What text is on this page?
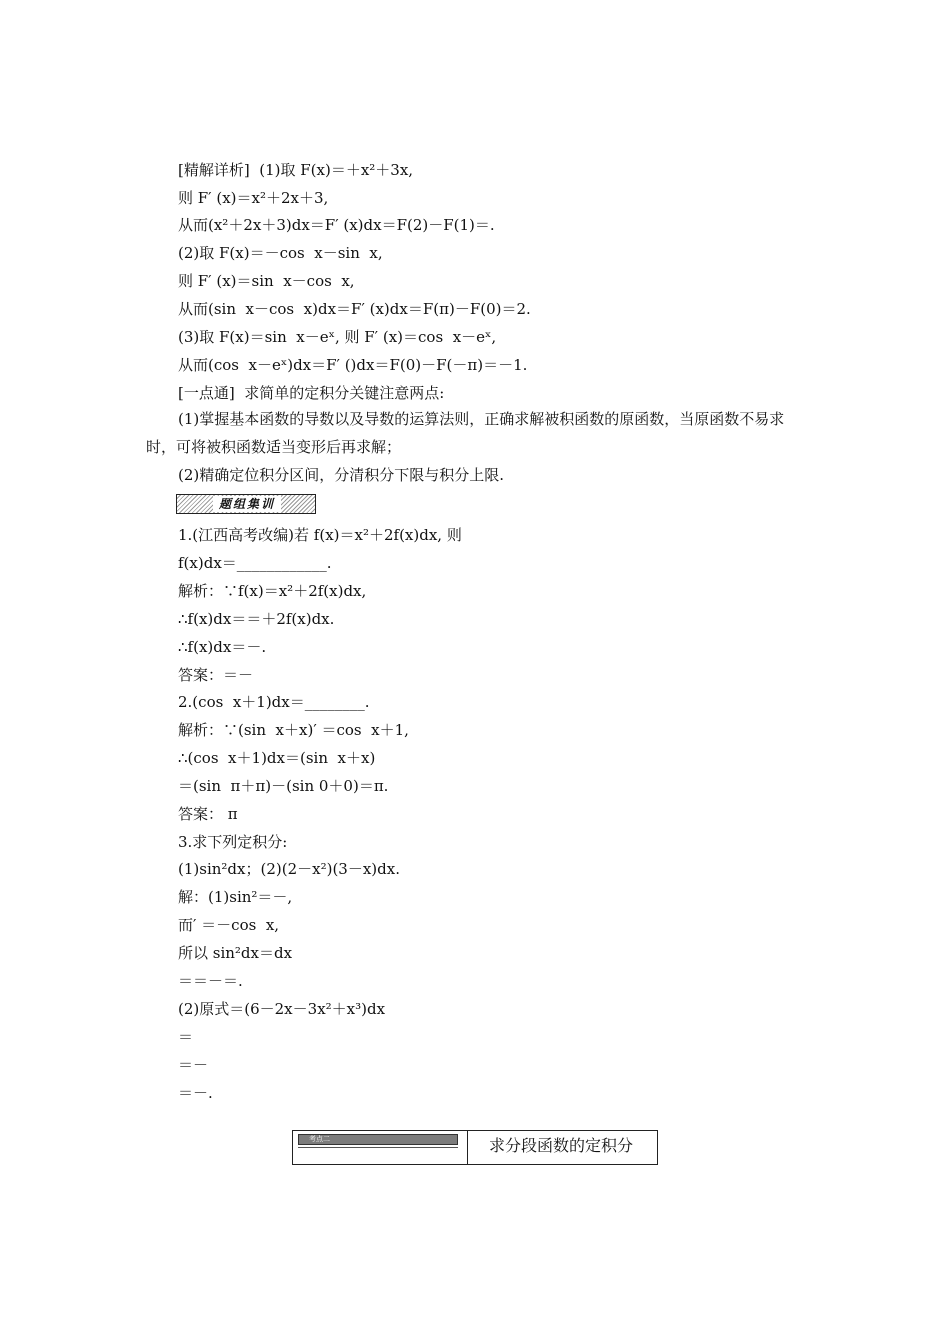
[精解详析]  (1)取 F(x)＝＋x²＋3x,
则 F′ (x)＝x²＋2x＋3,
从而(x²＋2x＋3)dx＝F′ (x)dx＝F(2)－F(1)＝.
(2)取 F(x)＝－cos  x－sin  x,
则 F′ (x)＝sin  x－cos  x,
从而(sin  x－cos  x)dx＝F′ (x)dx＝F(π)－F(0)＝2.
(3)取 F(x)＝sin  x－eˣ, 则 F′ (x)＝cos  x－eˣ,
从而(cos  x－eˣ)dx＝F′ ()dx＝F(0)－F(－π)＝－1.
[一点通]  求简单的定积分关键注意两点:
(1)掌握基本函数的导数以及导数的运算法则，正确求解被积函数的原函数，当原函数不易求时，可将被积函数适当变形后再求解；
(2)精确定位积分区间，分清积分下限与积分上限.
题组集训
1.(江西高考改编)若 f(x)＝x²＋2f(x)dx, 则
f(x)dx＝____________.
解析：∵f(x)＝x²＋2f(x)dx,
∴f(x)dx＝＝＋2f(x)dx.
∴f(x)dx＝－.
答案：＝－
2.(cos  x＋1)dx＝________.
解析：∵(sin  x＋x)′ ＝cos  x＋1,
∴(cos  x＋1)dx＝(sin  x＋x)
＝(sin  π＋π)－(sin 0＋0)＝π.
答案： π
3.求下列定积分:
(1)sin²dx；(2)(2－x²)(3－x)dx.
解：(1)sin²＝－,
而′ ＝－cos  x,
所以 sin²dx＝dx
＝＝－＝.
(2)原式＝(6－2x－3x²＋x³)dx
＝
＝－
＝－.
考点二	求分段函数的定积分
